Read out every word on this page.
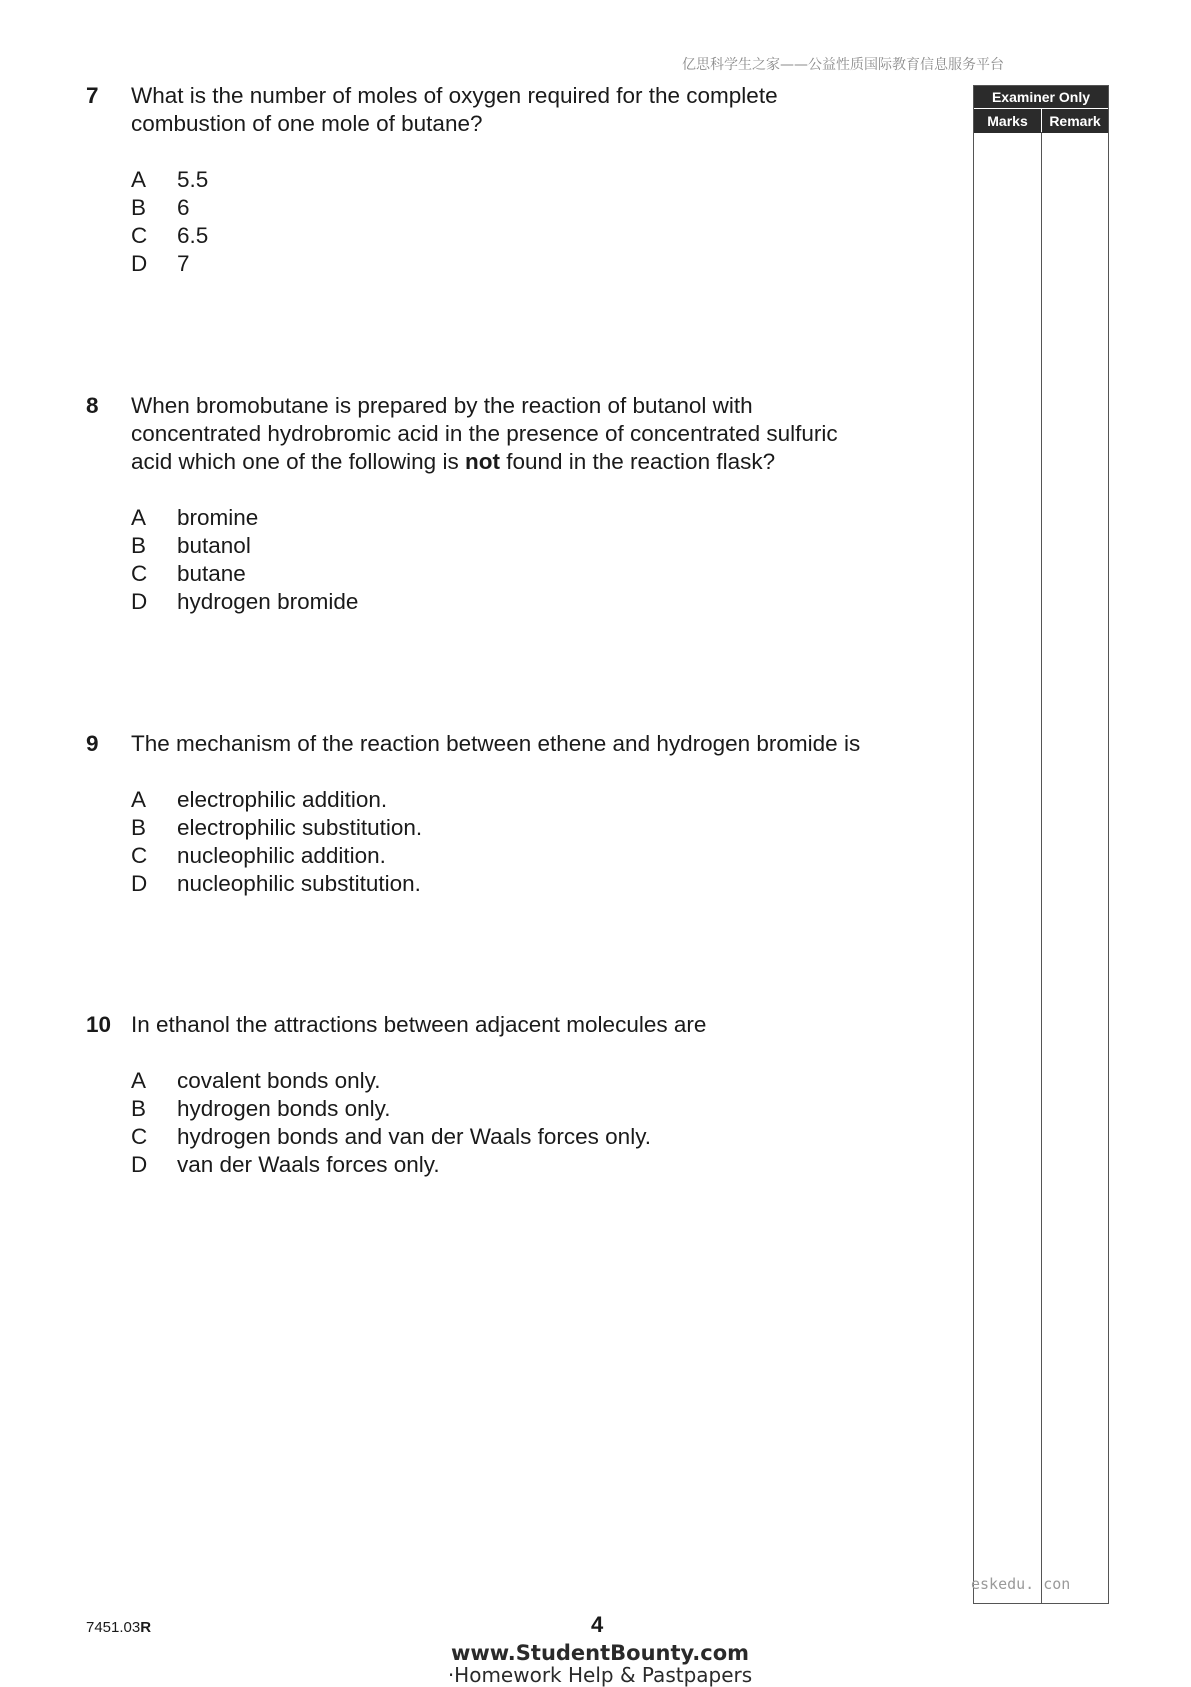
亿思科学生之家——公益性质国际教育信息服务平台
Examiner Only
Marks	Remark
7 What is the number of moles of oxygen required for the complete
combustion of one mole of butane?
A	5.5
B	6
C	6.5
D	7
8 When bromobutane is prepared by the reaction of butanol with
concentrated hydrobromic acid in the presence of concentrated sulfuric
acid which one of the following is not found in the reaction flask?
A	bromine
B	butanol
C	butane
D	hydrogen bromide
9 The mechanism of the reaction between ethene and hydrogen bromide is
A	electrophilic addition.
B	electrophilic substitution.
C	nucleophilic addition.
D	nucleophilic substitution.
10 In ethanol the attractions between adjacent molecules are
A	covalent bonds only.
B	hydrogen bonds only.
C	hydrogen bonds and van der Waals forces only.
D	van der Waals forces only.
eskedu. con
7451.03R	4
www.StudentBounty.com
·Homework Help & Pastpapers
